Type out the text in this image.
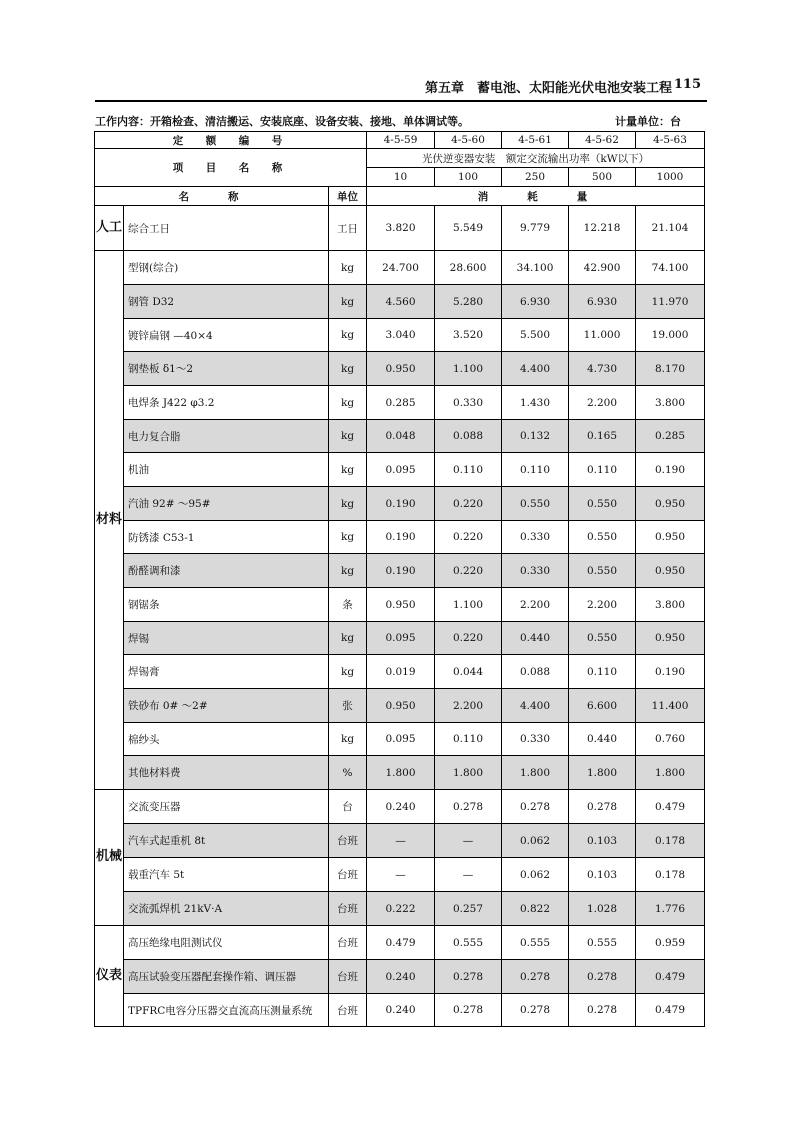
第五章　蓄电池、太阳能光伏电池安装工程 115
工作内容：开箱检查、清洁搬运、安装底座、设备安装、接地、单体调试等。	计量单位：台
定　额　编　号			4-5-59	4-5-60	4-5-61	4-5-62	4-5-63
项　目　名　称			光伏逆变器安装　额定交流输出功率（kW以下）				
			10	100	250	500	1000
名　　称		单位	消　　耗　　量				

人工	综合工日	工日	3.820	5.549	9.779	12.218	21.104

材料	型钢(综合)	kg	24.700	28.600	34.100	42.900	74.100
	钢管 D32	kg	4.560	5.280	6.930	6.930	11.970
	镀锌扁钢 —40×4	kg	3.040	3.520	5.500	11.000	19.000
	钢垫板 δ1～2	kg	0.950	1.100	4.400	4.730	8.170
	电焊条 J422 φ3.2	kg	0.285	0.330	1.430	2.200	3.800
	电力复合脂	kg	0.048	0.088	0.132	0.165	0.285
	机油	kg	0.095	0.110	0.110	0.110	0.190
	汽油 92# ～95#	kg	0.190	0.220	0.550	0.550	0.950
	防锈漆 C53-1	kg	0.190	0.220	0.330	0.550	0.950
	酚醛调和漆	kg	0.190	0.220	0.330	0.550	0.950
	钢锯条	条	0.950	1.100	2.200	2.200	3.800
	焊锡	kg	0.095	0.220	0.440	0.550	0.950
	焊锡膏	kg	0.019	0.044	0.088	0.110	0.190
	铁砂布 0# ～2#	张	0.950	2.200	4.400	6.600	11.400
	棉纱头	kg	0.095	0.110	0.330	0.440	0.760
	其他材料费	%	1.800	1.800	1.800	1.800	1.800

机械	交流变压器	台	0.240	0.278	0.278	0.278	0.479
	汽车式起重机 8t	台班	—	—	0.062	0.103	0.178
	载重汽车 5t	台班	—	—	0.062	0.103	0.178
	交流弧焊机 21kV·A	台班	0.222	0.257	0.822	1.028	1.776

仪表	高压绝缘电阻测试仪	台班	0.479	0.555	0.555	0.555	0.959
	高压试验变压器配套操作箱、调压器	台班	0.240	0.278	0.278	0.278	0.479
	TPFRC电容分压器交直流高压测量系统	台班	0.240	0.278	0.278	0.278	0.479
